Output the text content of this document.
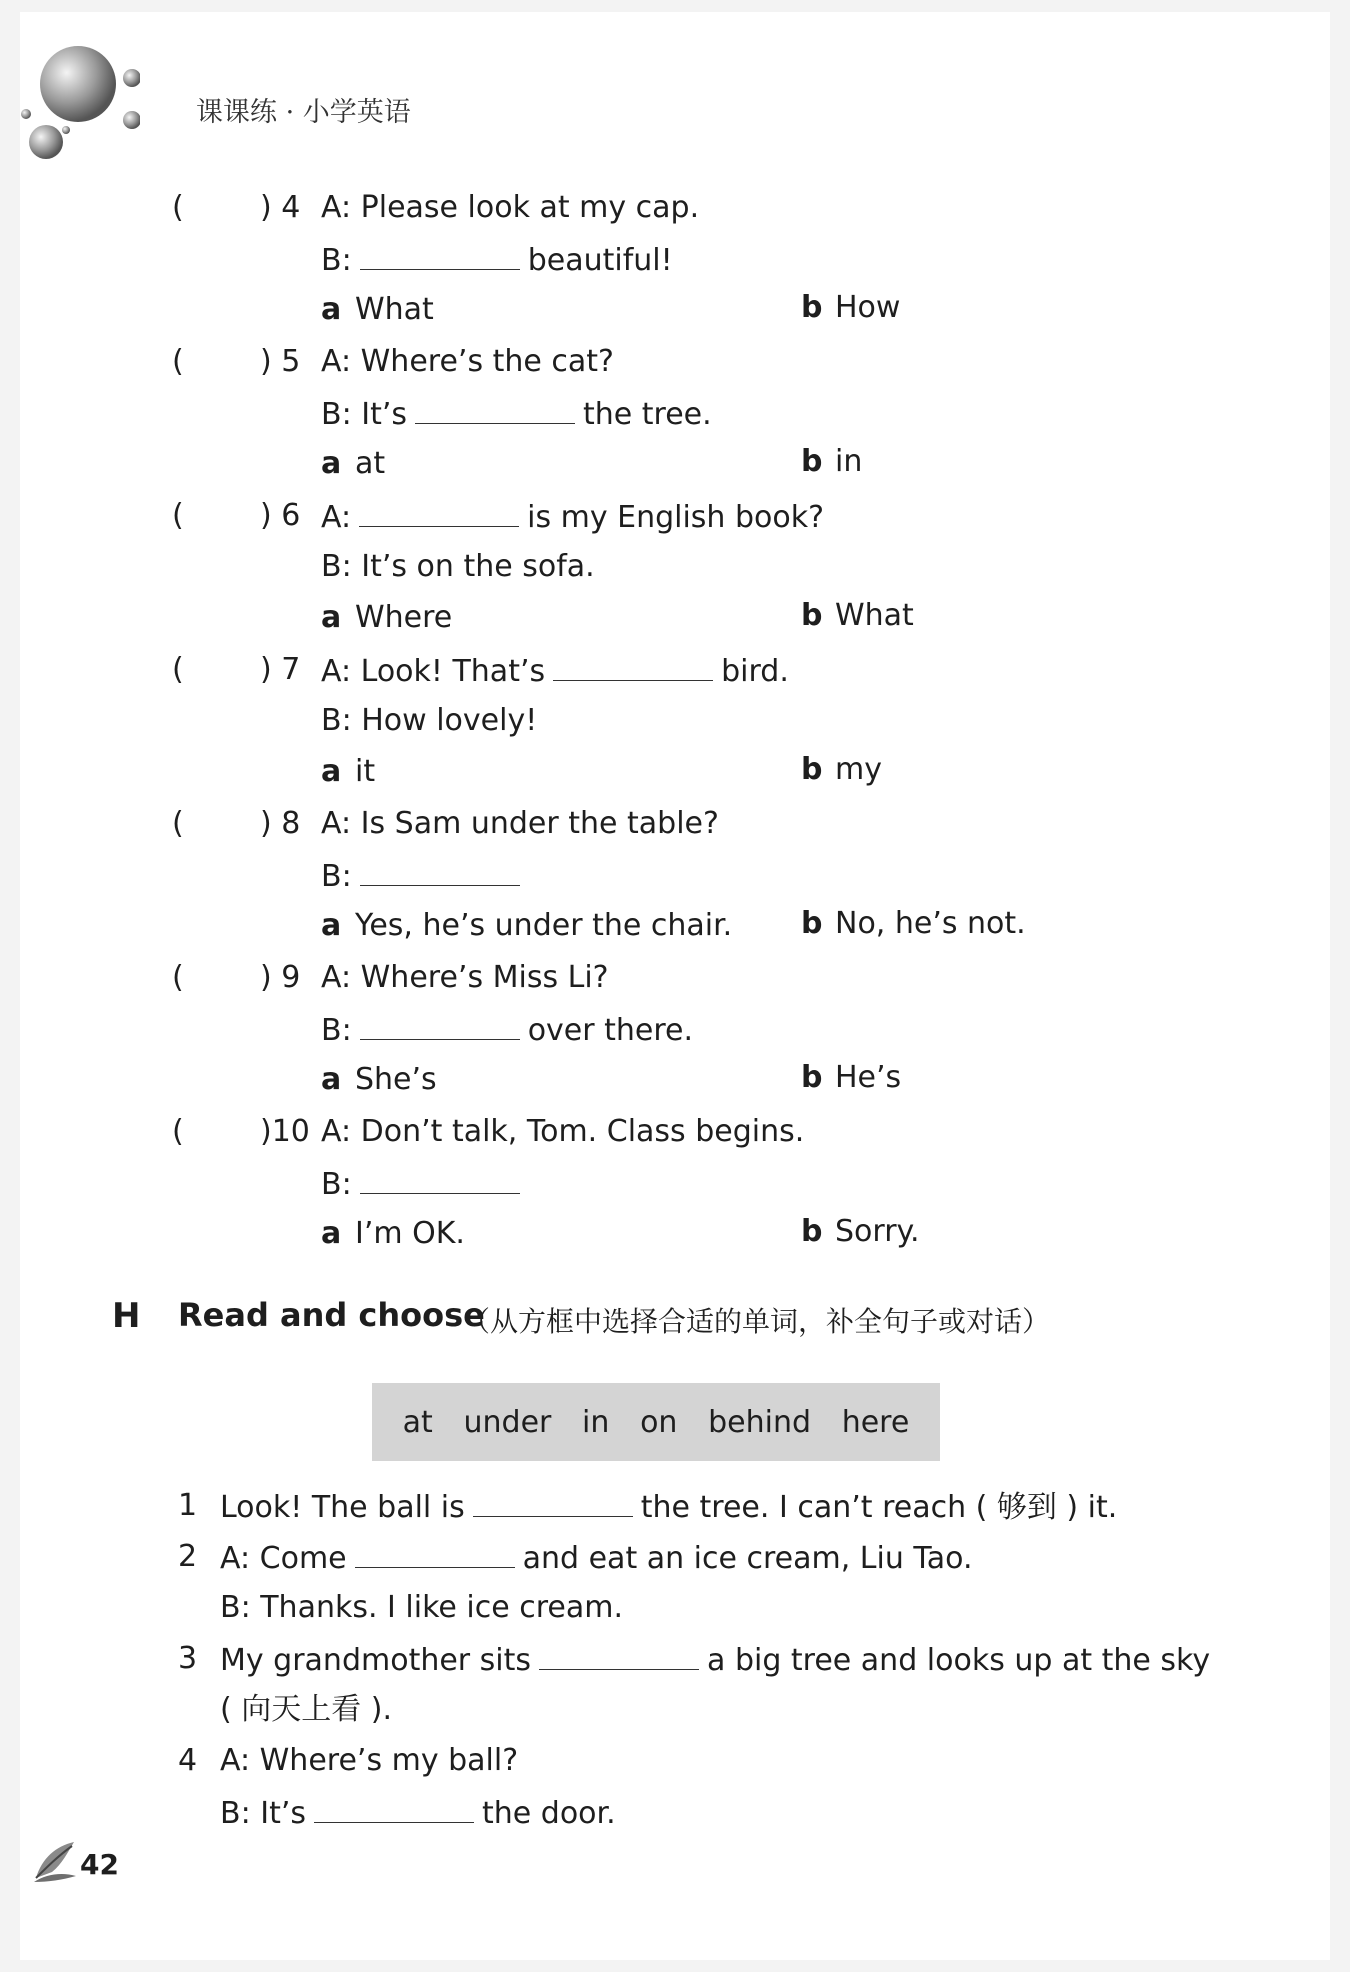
课课练 · 小学英语
(	) 4 A: Please look at my cap.
B:	beautiful!
a What	b How
(	) 5 A: Where’s the cat?
B: It’s	the tree.
a at	b in
(	) 6 A:	is my English book?
B: It’s on the sofa.
a Where	b What
(	) 7 A: Look! That’s	bird.
B: How lovely!
a it	b my
(	) 8 A: Is Sam under the table?
B:
a Yes, he’s under the chair. b No, he’s not.
(	) 9 A: Where’s Miss Li?
B:	over there.
a She’s	b He’s
(	)10 A: Don’t talk, Tom. Class begins.
B:
a I’m OK.	b Sorry.
H Read and choose
（从方框中选择合适的单词，补全句子或对话）
at under in on behind here
1 Look! The ball is	the tree. I can’t reach ( 够到 ) it.
2 A: Come	and eat an ice cream, Liu Tao.
B: Thanks. I like ice cream.
3 My grandmother sits	a big tree and looks up at the sky
( 向天上看 ).
4 A: Where’s my ball?
B: It’s	the door.
42
